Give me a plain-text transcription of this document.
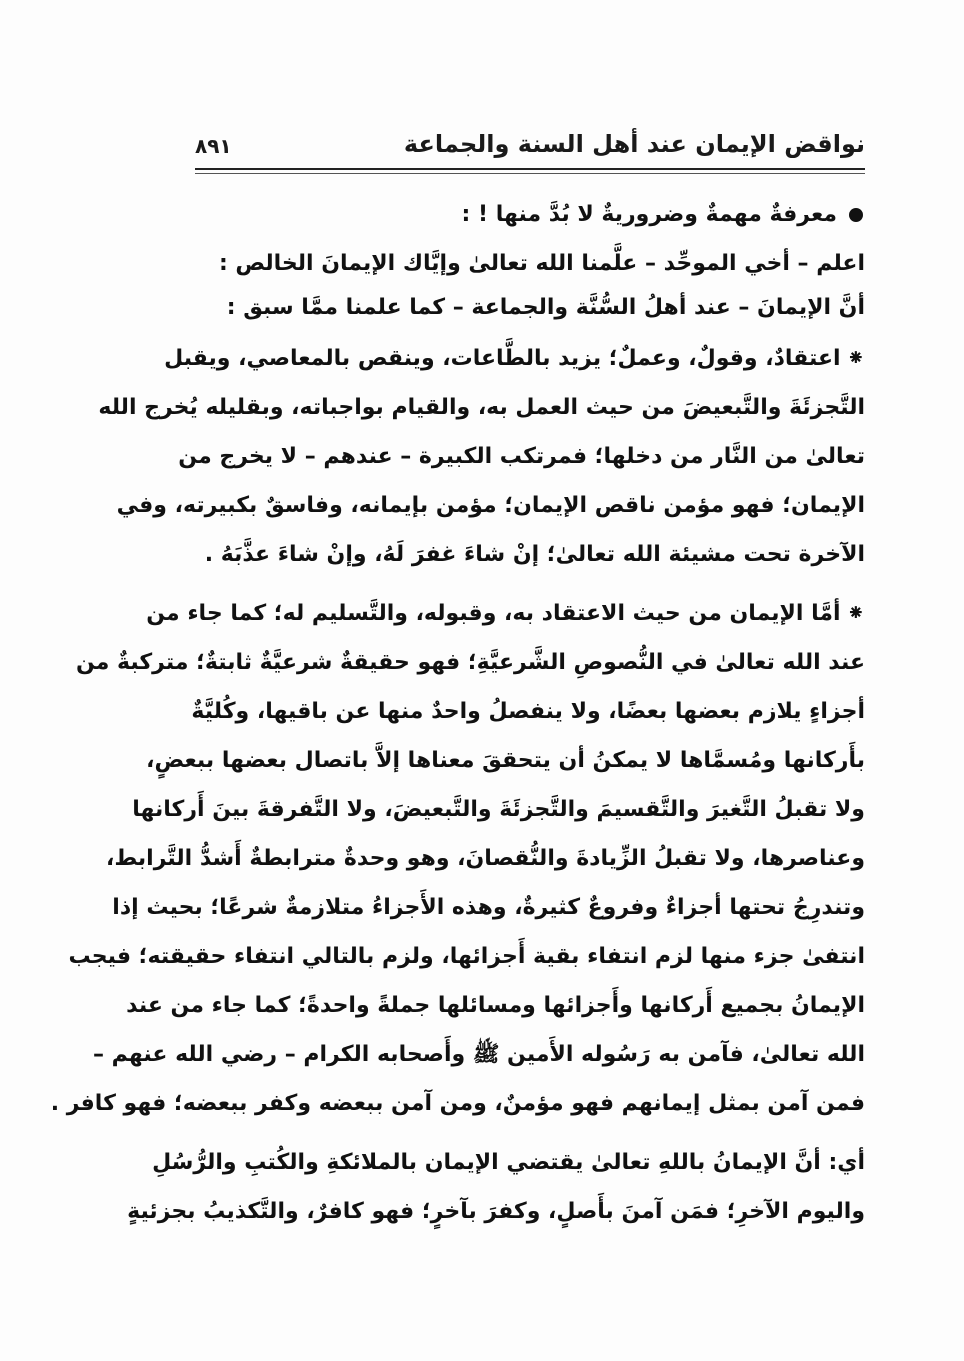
نواقض الإيمان عند أهل السنة والجماعة
٨٩١
معرفةٌ مهمةٌ وضروريةٌ لا بُدَّ منها ! :
اعلم – أخي الموحِّد – علَّمنا الله تعالىٰ وإيَّاك الإيمانَ الخالص :
أنَّ الإيمانَ – عند أهلُ السُّنَّة والجماعة – كما علمنا ممَّا سبق :
⁕اعتقادٌ، وقولٌ، وعملٌ؛ يزيد بالطَّاعات، وينقص بالمعاصي، ويقبل
التَّجزئَةَ والتَّبعيضَ من حيث العمل به، والقيام بواجباته، وبقليله يُخرج الله
تعالىٰ من النَّار من دخلها؛ فمرتكب الكبيرة – عندهم – لا يخرج من
الإيمان؛ فهو مؤمن ناقص الإيمان؛ مؤمن بإيمانه، وفاسقٌ بكبيرته، وفي
الآخرة تحت مشيئة الله تعالىٰ؛ إنْ شاءَ غفرَ لَهُ، وإنْ شاءَ عذَّبَهُ .
⁕أمَّا الإيمان من حيث الاعتقاد به، وقبوله، والتَّسليم له؛ كما جاء من
عند الله تعالىٰ في النُّصوصِ الشَّرعيَّةِ؛ فهو حقيقةٌ شرعيَّةٌ ثابتةٌ؛ متركبةٌ من
أجزاءٍ يلازم بعضها بعضًا، ولا ينفصلُ واحدٌ منها عن باقيها، وكُليَّةٌ
بأَركانها ومُسمَّاها لا يمكنُ أن يتحققَ معناها إلاَّ باتصال بعضها ببعضٍ،
ولا تقبلُ التَّغيرَ والتَّقسيمَ والتَّجزئَةَ والتَّبعيضَ، ولا التَّفرقةَ بينَ أَركانها
وعناصرها، ولا تقبلُ الزِّيادةَ والنُّقصانَ، وهو وحدةٌ مترابطةٌ أَشدُّ التَّرابط،
وتندرِجُ تحتها أجزاءٌ وفروعٌ كثيرةٌ، وهذه الأَجزاءُ متلازمةٌ شرعًا؛ بحيث إذا
انتفىٰ جزء منها لزم انتفاء بقية أَجزائها، ولزم بالتالي انتفاء حقيقته؛ فيجب
الإيمانُ بجميع أَركانها وأَجزائها ومسائلها جملةً واحدةً؛ كما جاء من عند
الله تعالىٰ، فآمن به رَسُوله الأَمين ﷺ وأَصحابه الكرام – رضي الله عنهم –
فمن آمن بمثل إيمانهم فهو مؤمنٌ، ومن آمن ببعضه وكفر ببعضه؛ فهو كافر .
أي: أنَّ الإيمانُ باللهِ تعالىٰ يقتضي الإيمان بالملائكةِ والكُتبِ والرُّسُلِ
واليوم الآخرِ؛ فمَن آمنَ بأَصلٍ، وكفرَ بآخرٍ؛ فهو كافرٌ، والتَّكذيبُ بجزئيةٍ
